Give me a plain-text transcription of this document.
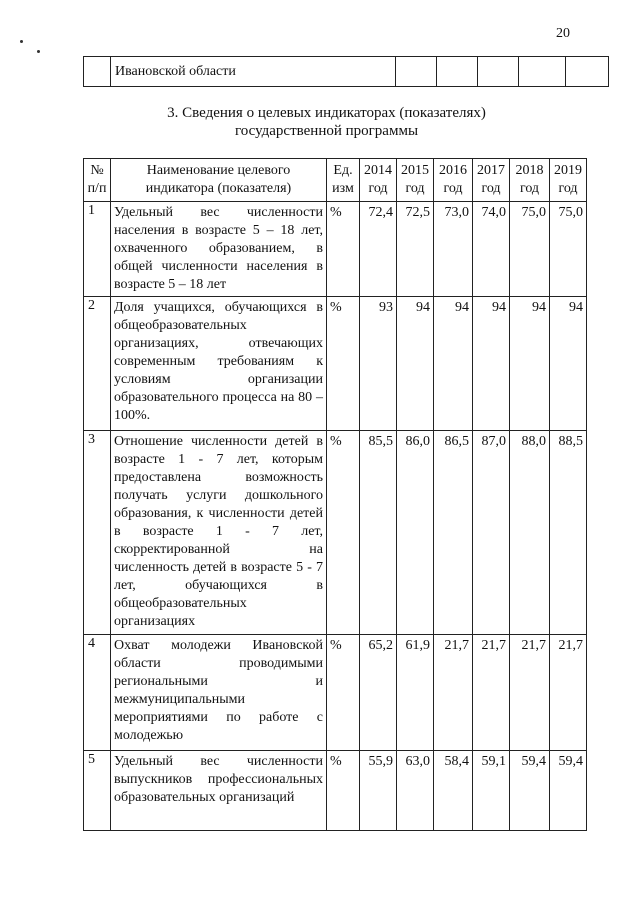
20
	Ивановской области					
3. Сведения о целевых индикаторах (показателях)
государственной программы
№ п/п	Наименование целевого индикатора (показателя)	Ед. изм	2014 год	2015 год	2016 год	2017 год	2018 год	2019 год
1	Удельный вес численности населения в возрасте 5 – 18 лет, охваченного образованием, в общей численности населения в возрасте 5 – 18 лет	%	72,4	72,5	73,0	74,0	75,0	75,0
2	Доля учащихся, обучающихся в общеобразовательных организациях, отвечающих современным требованиям к условиям организации образовательного процесса на 80 – 100%.	%	93	94	94	94	94	94
3	Отношение численности детей в возрасте 1 - 7 лет, которым предоставлена возможность получать услуги дошкольного образования, к численности детей в возрасте 1 - 7 лет, скорректированной на численность детей в возрасте 5 - 7 лет, обучающихся в общеобразовательных организациях	%	85,5	86,0	86,5	87,0	88,0	88,5
4	Охват молодежи Ивановской области проводимыми региональными и межмуниципальными мероприятиями по работе с молодежью	%	65,2	61,9	21,7	21,7	21,7	21,7
5	Удельный вес численности выпускников профессиональных образовательных организаций	%	55,9	63,0	58,4	59,1	59,4	59,4
